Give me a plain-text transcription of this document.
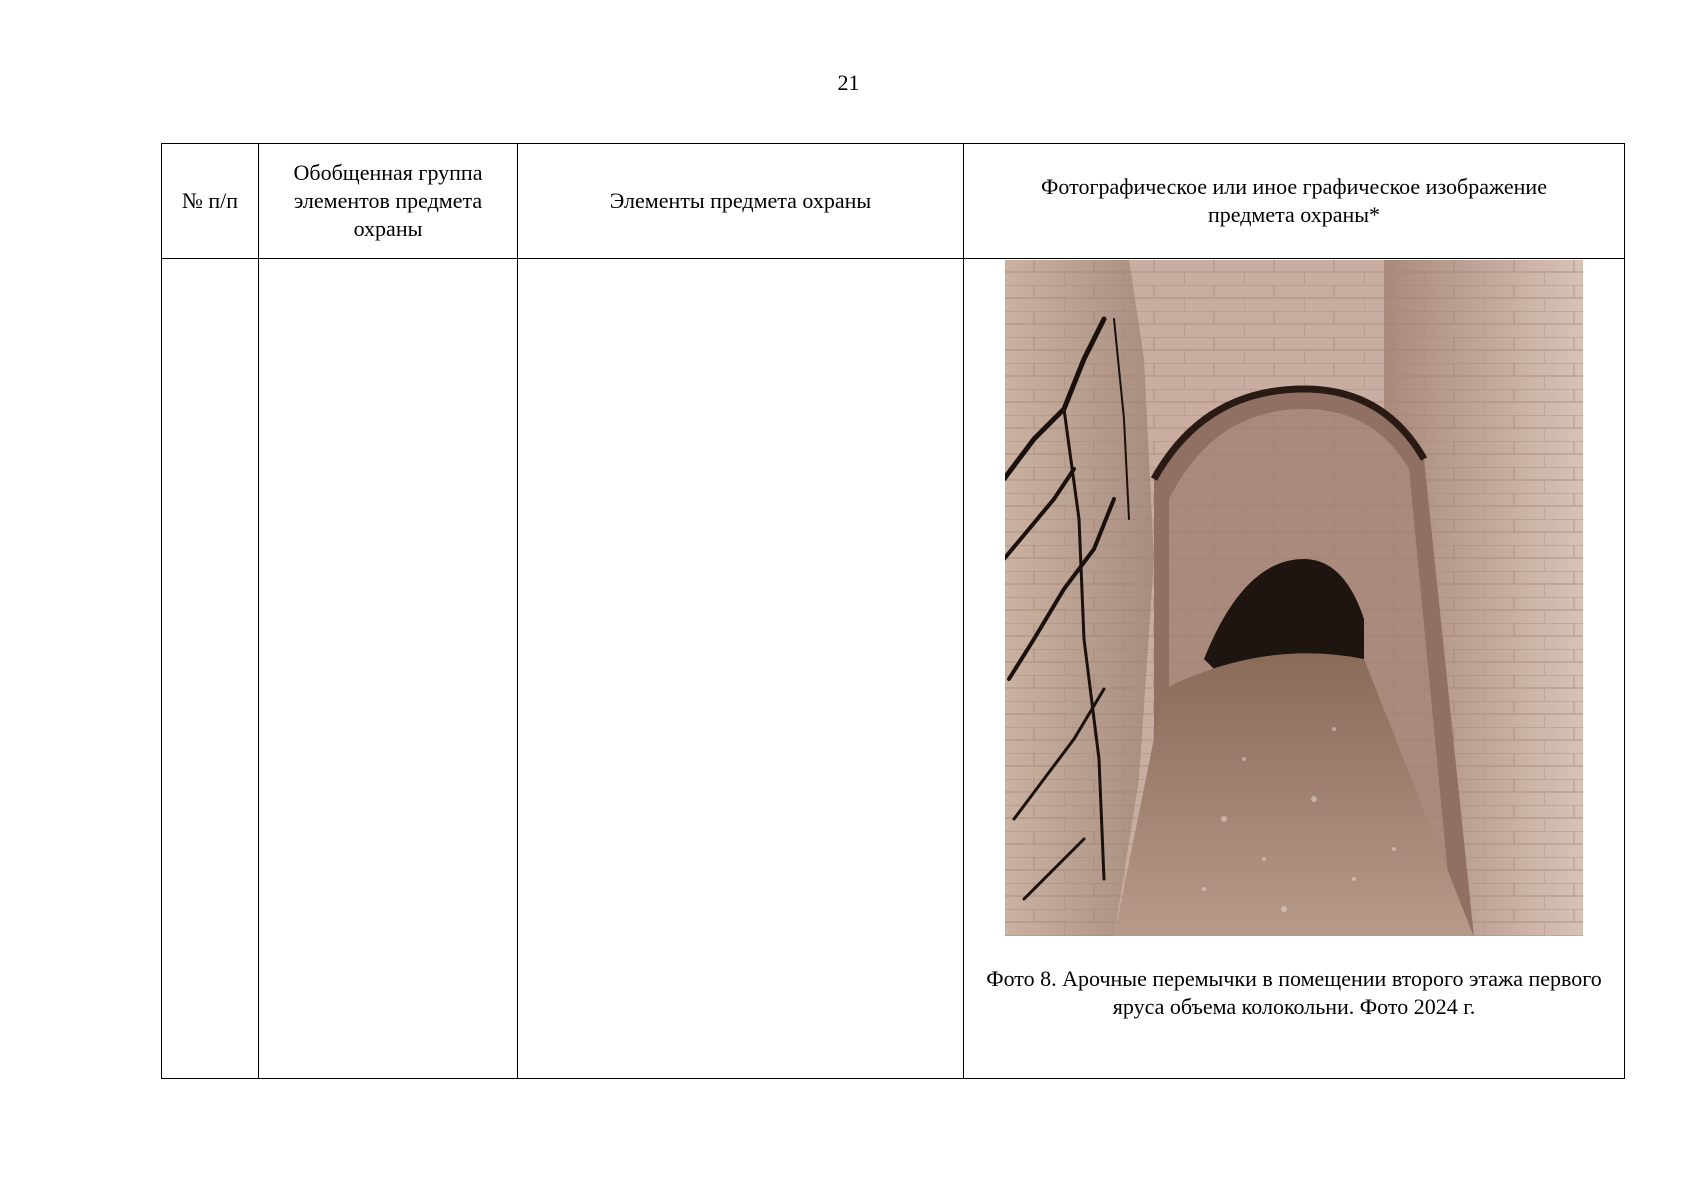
21
№ п/п	Обобщенная группа элементов предмета охраны	Элементы предмета охраны	Фотографическое или иное графическое изображение предмета охраны*

			Фото 8. Арочные перемычки в помещении второго этажа первого яруса объема колокольни. Фото 2024 г.
